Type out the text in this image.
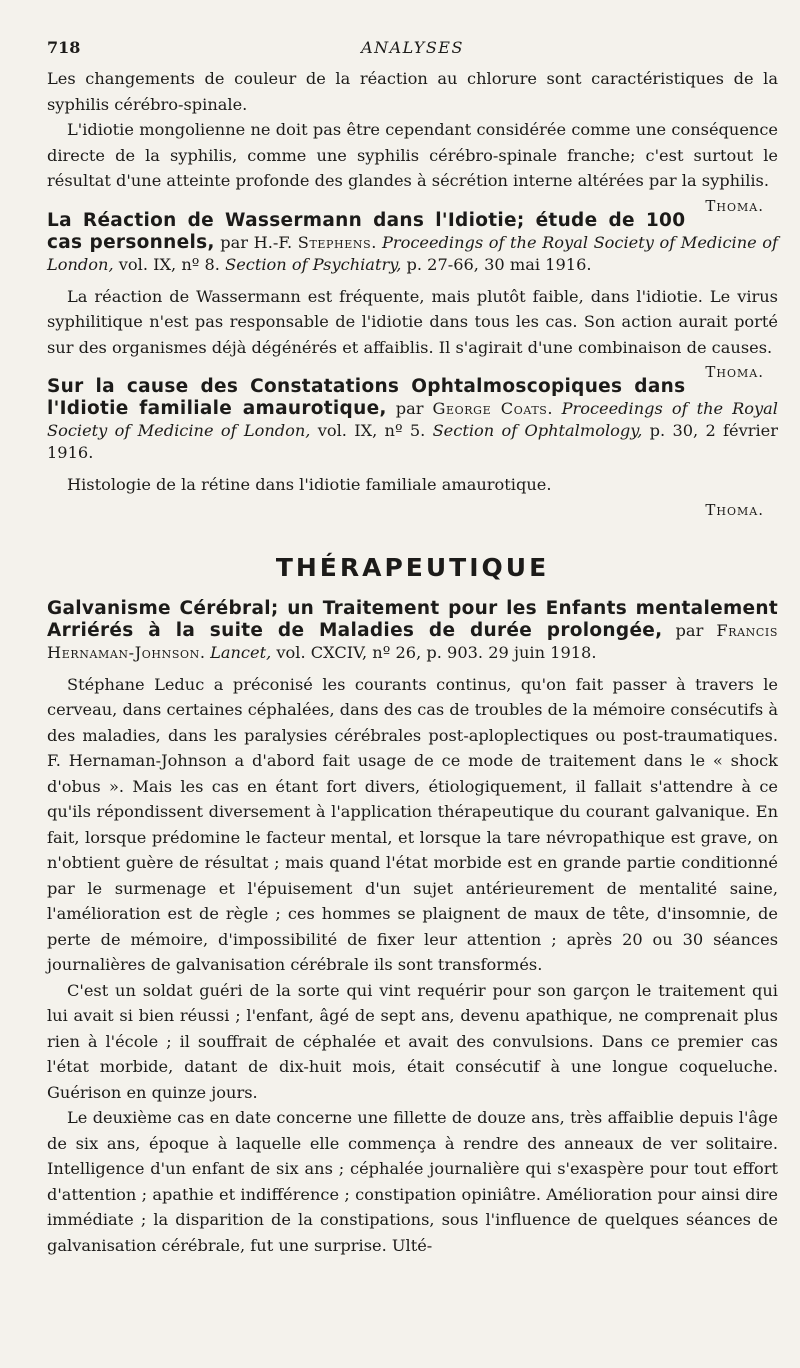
718	ANALYSES

Les changements de couleur de la réaction au chlorure sont caractéristiques de la syphilis cérébro-spinale.

L'idiotie mongolienne ne doit pas être cependant considérée comme une conséquence directe de la syphilis, comme une syphilis cérébro-spinale franche; c'est surtout le résultat d'une atteinte profonde des glandes à sécrétion interne altérées par la syphilis.
Thoma.

La Réaction de Wassermann dans l'Idiotie; étude de 100 cas personnels, par H.-F. Stephens. Proceedings of the Royal Society of Medicine of London, vol. IX, nº 8. Section of Psychiatry, p. 27-66, 30 mai 1916.

La réaction de Wassermann est fréquente, mais plutôt faible, dans l'idiotie. Le virus syphilitique n'est pas responsable de l'idiotie dans tous les cas. Son action aurait porté sur des organismes déjà dégénérés et affaiblis. Il s'agirait d'une combinaison de causes.
Thoma.

Sur la cause des Constatations Ophtalmoscopiques dans l'Idiotie familiale amaurotique, par George Coats. Proceedings of the Royal Society of Medicine of London, vol. IX, nº 5. Section of Ophtalmology, p. 30, 2 février 1916.

Histologie de la rétine dans l'idiotie familiale amaurotique.

Thoma.

THÉRAPEUTIQUE
Galvanisme Cérébral; un Traitement pour les Enfants mentalement Arriérés à la suite de Maladies de durée prolongée, par Francis Hernaman-Johnson. Lancet, vol. CXCIV, nº 26, p. 903. 29 juin 1918.

Stéphane Leduc a préconisé les courants continus, qu'on fait passer à travers le cerveau, dans certaines céphalées, dans des cas de troubles de la mémoire consécutifs à des maladies, dans les paralysies cérébrales post-aploplectiques ou post-traumatiques. F. Hernaman-Johnson a d'abord fait usage de ce mode de traitement dans le « shock d'obus ». Mais les cas en étant fort divers, étiologiquement, il fallait s'attendre à ce qu'ils répondissent diversement à l'application thérapeutique du courant galvanique. En fait, lorsque prédomine le facteur mental, et lorsque la tare névropathique est grave, on n'obtient guère de résultat ; mais quand l'état morbide est en grande partie conditionné par le surmenage et l'épuisement d'un sujet antérieurement de mentalité saine, l'amélioration est de règle ; ces hommes se plaignent de maux de tête, d'insomnie, de perte de mémoire, d'impossibilité de fixer leur attention ; après 20 ou 30 séances journalières de galvanisation cérébrale ils sont transformés.

C'est un soldat guéri de la sorte qui vint requérir pour son garçon le traitement qui lui avait si bien réussi ; l'enfant, âgé de sept ans, devenu apathique, ne comprenait plus rien à l'école ; il souffrait de céphalée et avait des convulsions. Dans ce premier cas l'état morbide, datant de dix-huit mois, était consécutif à une longue coqueluche. Guérison en quinze jours.

Le deuxième cas en date concerne une fillette de douze ans, très affaiblie depuis l'âge de six ans, époque à laquelle elle commença à rendre des anneaux de ver solitaire. Intelligence d'un enfant de six ans ; céphalée journalière qui s'exaspère pour tout effort d'attention ; apathie et indifférence ; constipation opiniâtre. Amélioration pour ainsi dire immédiate ; la disparition de la constipations, sous l'influence de quelques séances de galvanisation cérébrale, fut une surprise. Ulté-
